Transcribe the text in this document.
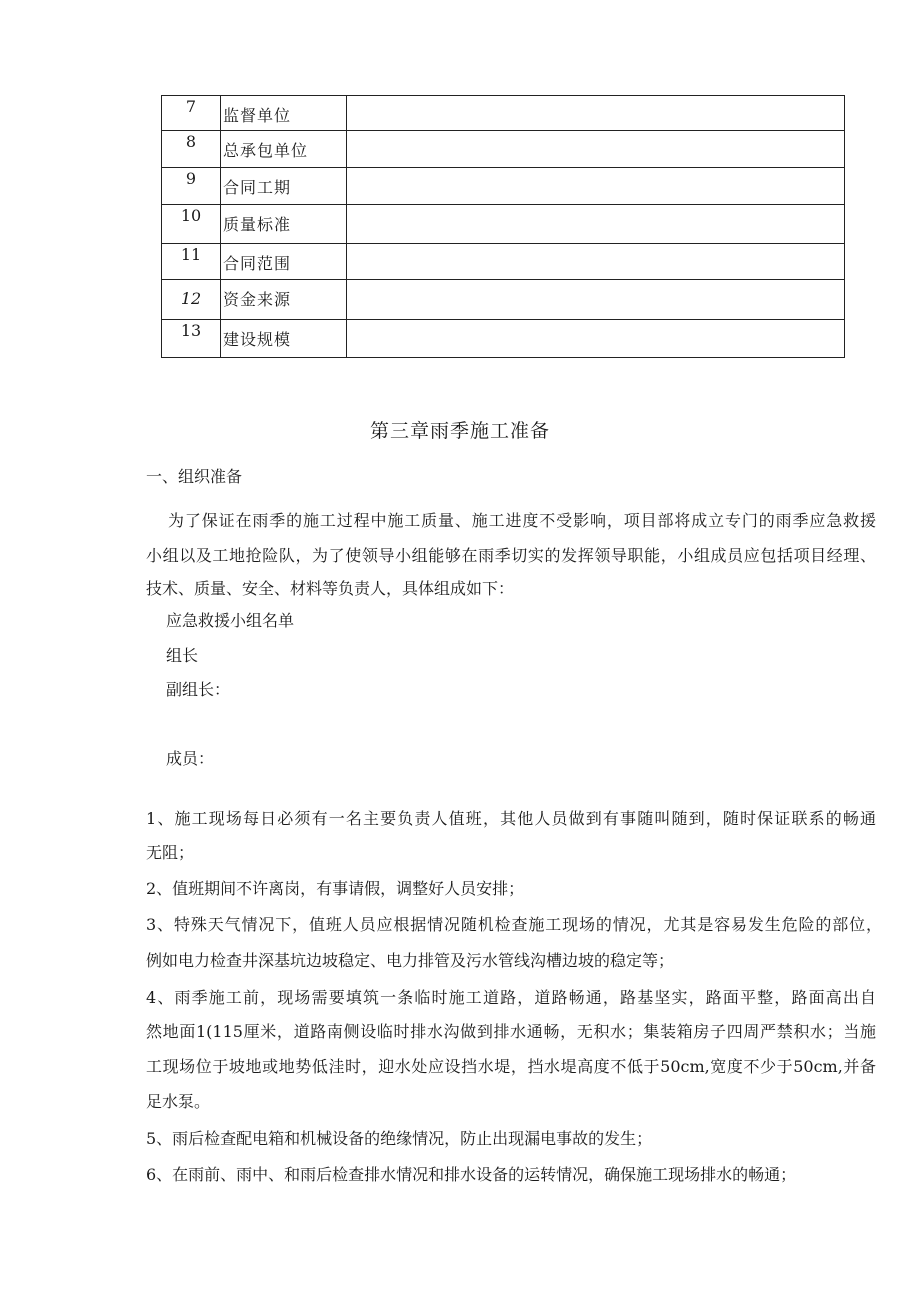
7	监督单位	
8	总承包单位	
9	合同工期	
10	质量标准	
11	合同范围	
12	资金来源	
13	建设规模	
第三章雨季施工准备

一、组织准备

为了保证在雨季的施工过程中施工质量、施工进度不受影响，项目部将成立专门的雨季应急救援

小组以及工地抢险队，为了使领导小组能够在雨季切实的发挥领导职能，小组成员应包括项目经理、

技术、质量、安全、材料等负责人，具体组成如下：

应急救援小组名单

组长

副组长：

成员：

1、施工现场每日必须有一名主要负责人值班，其他人员做到有事随叫随到，随时保证联系的畅通

无阻；

2、值班期间不许离岗，有事请假，调整好人员安排；

3、特殊天气情况下，值班人员应根据情况随机检查施工现场的情况，尤其是容易发生危险的部位，

例如电力检查井深基坑边坡稳定、电力排管及污水管线沟槽边坡的稳定等；

4、雨季施工前，现场需要填筑一条临时施工道路，道路畅通，路基坚实，路面平整，路面高出自

然地面1(115厘米，道路南侧设临时排水沟做到排水通畅，无积水；集装箱房子四周严禁积水；当施

工现场位于坡地或地势低洼时，迎水处应设挡水堤，挡水堤高度不低于50cm,宽度不少于50cm,并备

足水泵。

5、雨后检查配电箱和机械设备的绝缘情况，防止出现漏电事故的发生；

6、在雨前、雨中、和雨后检查排水情况和排水设备的运转情况，确保施工现场排水的畅通；
